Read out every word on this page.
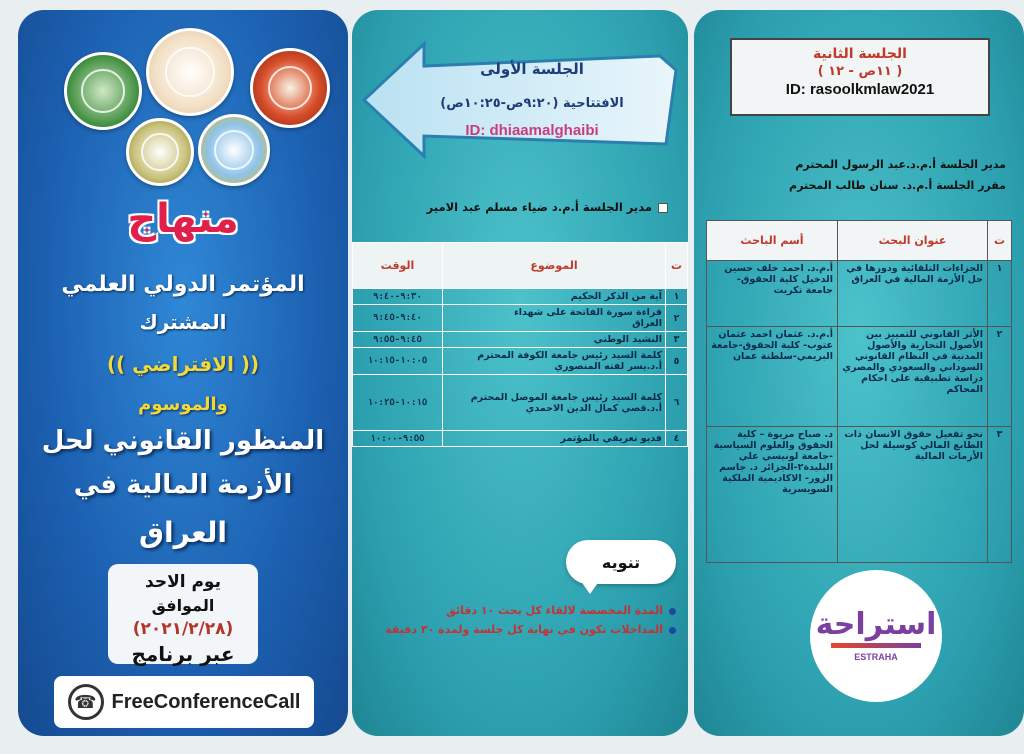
منهاج
المؤتمر الدولي العلمي
المشترك
(( الافتراضي ))
والموسوم
المنظور القانوني لحل
الأزمة المالية في
العراق
يوم الاحد
الموافق
(٢٠٢١/٢/٢٨)
عبر برنامج
☎ FreeConferenceCall
الجلسة الأولى
الافتتاحية (٩:٢٠ص-١٠:٢٥ص)
ID: dhiaamalghaibi
مدير الجلسة أ.م.د ضياء مسلم عبد الامير
ت	الموضوع	الوقت
١	آية من الذكر الحكيم	٩:٣٠-٩:٤٠
٢	قراءة سورة الفاتحة على شهداء
العراق	٩:٤٠-٩:٤٥
٣	النشيد الوطني	٩:٤٥-٩:٥٥
٥	كلمة السيد رئيس جامعة الكوفة المحترم
أ.د.يسر لفته المنصوري	١٠:٠٥-١٠:١٥
٦	كلمة السيد رئيس جامعة الموصل المحترم
أ.د.قصي كمال الدين الاحمدي	١٠:١٥-١٠:٢٥
٤	فديو تعريفي بالمؤتمر	٩:٥٥-١٠:٠٠
تنويه
المدة المخصصة لالقاء كل بحث ١٠ دقائق
المداخلات تكون في نهاية كل جلسة ولمدة ٣٠ دقيقة
الجلسة الثانية
( ١١ص - ١٢ )
ID: rasoolkmlaw2021
مدير الجلسة أ.م.د.عبد الرسول المحترم
مقرر الجلسة أ.م.د. سنان طالب المحترم
ت	عنوان البحث	أسم الباحث
١	الجزاءات التلقائية ودورها في حل الأزمة المالية في العراق	أ.م.د. احمد خلف حسين الدخيل كلية الحقوق-جامعة تكريت
٢	الأثر القانوني للتمييز بين الأصول التجارية والأصول المدنية في النظام القانوني السوداني والسعودي والمصري دراسة تطبيقية على احكام المحاكم	أ.م.د. عثمان احمد عثمان عتوب- كلية الحقوق-جامعة البريمي-سلطنة عمان
٣	نحو تفعيل حقوق الانسان ذات الطابع المالي كوسيلة لحل الأزمات المالية	د. صباح مريوة – كلية الحقوق والعلوم السياسية -جامعة لونيسي علي البليدة٢-الجزائر د. جاسم الزور- الاكاديمية الملكية السويسرية
استراحة
ESTRAHA
